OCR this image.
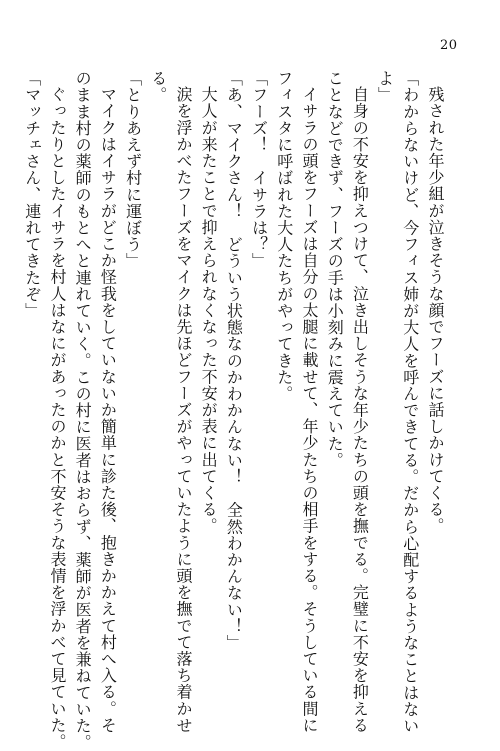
20
残された年少組が泣きそうな顔でフーズに話しかけてくる。
「わからないけど、今フィス姉が大人を呼んできてる。だから心配するようなことはない
よ」
自身の不安を抑えつけて、泣き出しそうな年少たちの頭を撫でる。完璧に不安を抑える
ことなどできず、フーズの手は小刻みに震えていた。
イサラの頭をフーズは自分の太腿に載せて、年少たちの相手をする。そうしている間に
フィスタに呼ばれた大人たちがやってきた。
「フーズ！　イサラは？」
「あ、マイクさん！　どういう状態なのかわかんない！　全然わかんない！」
大人が来たことで抑えられなくなった不安が表に出てくる。
涙を浮かべたフーズをマイクは先ほどフーズがやっていたように頭を撫でて落ち着かせ
る。
「とりあえず村に運ぼう」
マイクはイサラがどこか怪我をしていないか簡単に診た後、抱きかかえて村へ入る。そ
のまま村の薬師のもとへと連れていく。この村に医者はおらず、薬師が医者を兼ねていた。
ぐったりとしたイサラを村人はなにがあったのかと不安そうな表情を浮かべて見ていた。
「マッチェさん、連れてきたぞ」
